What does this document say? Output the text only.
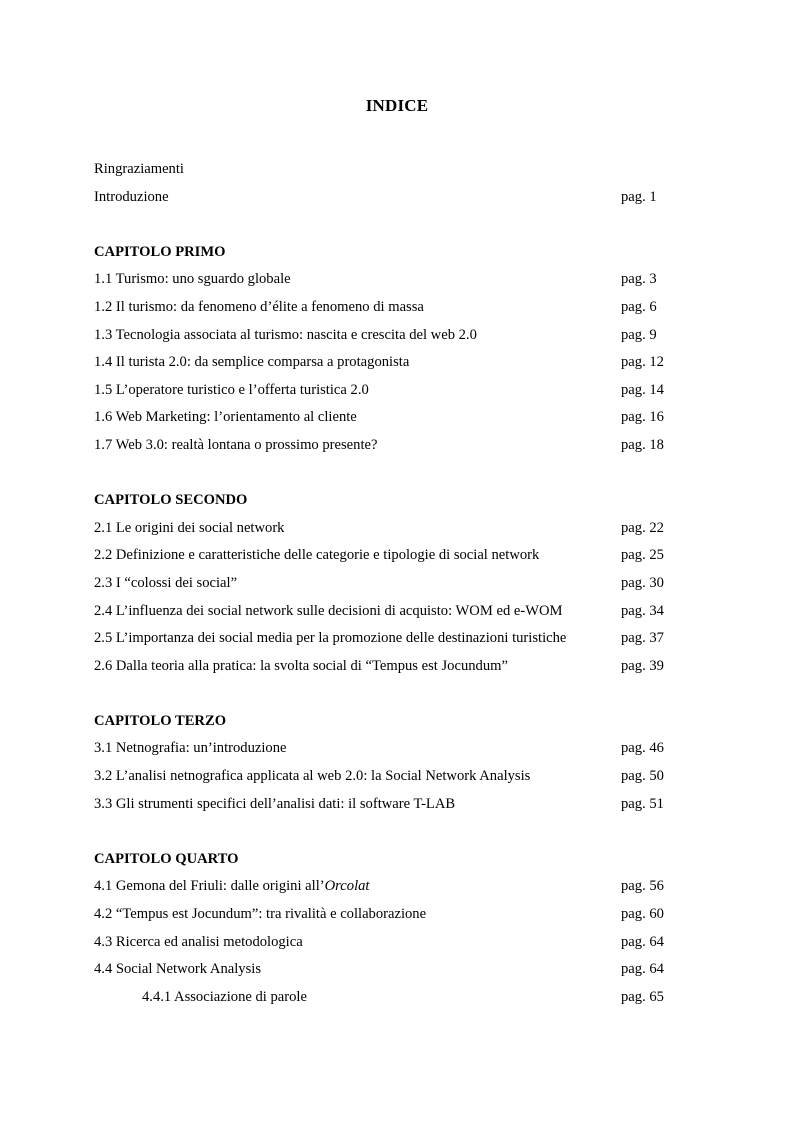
INDICE
Ringraziamenti
Introduzione	pag. 1
CAPITOLO PRIMO
1.1 Turismo: uno sguardo globale	pag. 3
1.2 Il turismo: da fenomeno d’élite a fenomeno di massa	pag. 6
1.3 Tecnologia associata al turismo: nascita e crescita del web 2.0	pag. 9
1.4 Il turista 2.0: da semplice comparsa a protagonista	pag. 12
1.5 L’operatore turistico e l’offerta turistica 2.0	pag. 14
1.6 Web Marketing: l’orientamento al cliente	pag. 16
1.7 Web 3.0: realtà lontana o prossimo presente?	pag. 18
CAPITOLO SECONDO
2.1 Le origini dei social network	pag. 22
2.2 Definizione e caratteristiche delle categorie e tipologie di social network	pag. 25
2.3 I “colossi dei social”	pag. 30
2.4 L’influenza dei social network sulle decisioni di acquisto: WOM ed e-WOM	pag. 34
2.5 L’importanza dei social media per la promozione delle destinazioni turistiche	pag. 37
2.6 Dalla teoria alla pratica: la svolta social di “Tempus est Jocundum”	pag. 39
CAPITOLO TERZO
3.1 Netnografia: un’introduzione	pag. 46
3.2 L’analisi netnografica applicata al web 2.0: la Social Network Analysis	pag. 50
3.3 Gli strumenti specifici dell’analisi dati: il software T-LAB	pag. 51
CAPITOLO QUARTO
4.1 Gemona del Friuli: dalle origini all’Orcolat	pag. 56
4.2 “Tempus est Jocundum”: tra rivalità e collaborazione	pag. 60
4.3 Ricerca ed analisi metodologica	pag. 64
4.4 Social Network Analysis	pag. 64
4.4.1 Associazione di parole	pag. 65
